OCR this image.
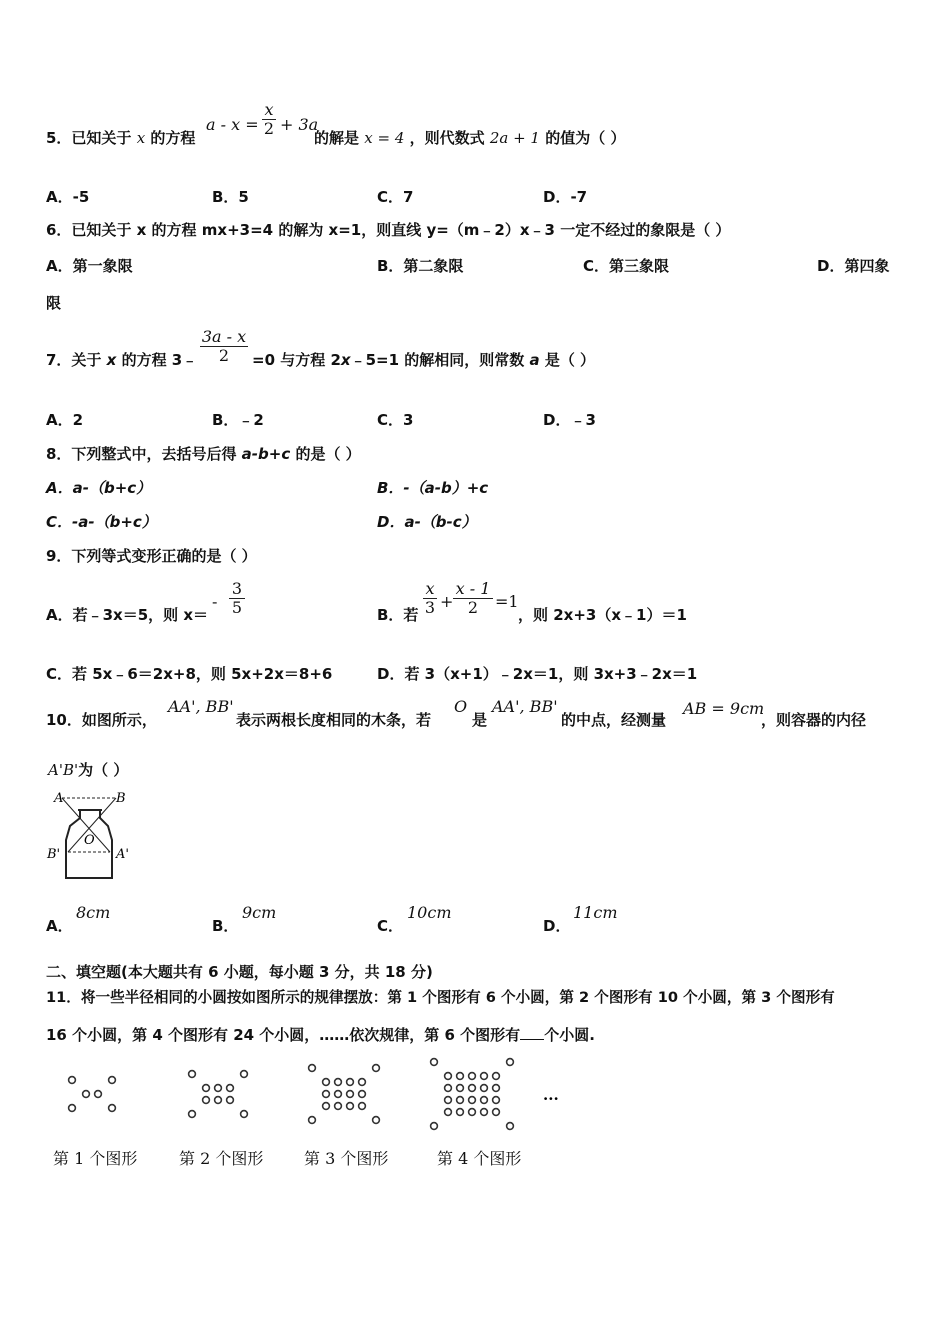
5．已知关于 x 的方程
a - x =
x
2 + 3a
的解是 x = 4 ，则代数式 2a + 1 的值为（ ）
A．-5	B．5	C．7	D．-7
6．已知关于 x 的方程 mx+3=4 的解为 x=1，则直线 y=（m﹣2）x﹣3 一定不经过的象限是（ ）
A．第一象限	B．第二象限	C．第三象限	D．第四象
限
7．关于 x 的方程 3﹣
3a - x
2	=0 与方程 2x﹣5=1 的解相同，则常数 a 是（ ）
A．2	B．﹣2	C．3	D．﹣3
8．下列整式中，去括号后得 a-b+c 的是（ ）
A．a-（b+c）	B．-（a-b）+c
C．-a-（b+c）	D．a-（b-c）
9．下列等式变形正确的是（ ）
A．若﹣3x＝5，则 x＝
-
3
5	B．若
x
3 +
x - 1
2	=1
，则 2x+3（x﹣1）＝1
C．若 5x﹣6＝2x+8，则 5x+2x＝8+6	D．若 3（x+1）﹣2x＝1，则 3x+3﹣2x＝1
10．如图所示，
AA', BB'
表示两根长度相同的木条，若
O
是
AA', BB'
的中点，经测量
AB = 9cm
，则容器的内径
A'B'为（ ）
A	B
O
B'	A'
A．
8cm
B．
9cm
C．
10cm
D．
11cm
二、填空题(本大题共有 6 小题，每小题 3 分，共 18 分)
11．将一些半径相同的小圆按如图所示的规律摆放：第 1 个图形有 6 个小圆，第 2 个图形有 10 个小圆，第 3 个图形有
16 个小圆，第 4 个图形有 24 个小圆，……依次规律，第 6 个图形有 个小圆.
...
第 1 个图形	第 2 个图形	第 3 个图形	第 4 个图形
